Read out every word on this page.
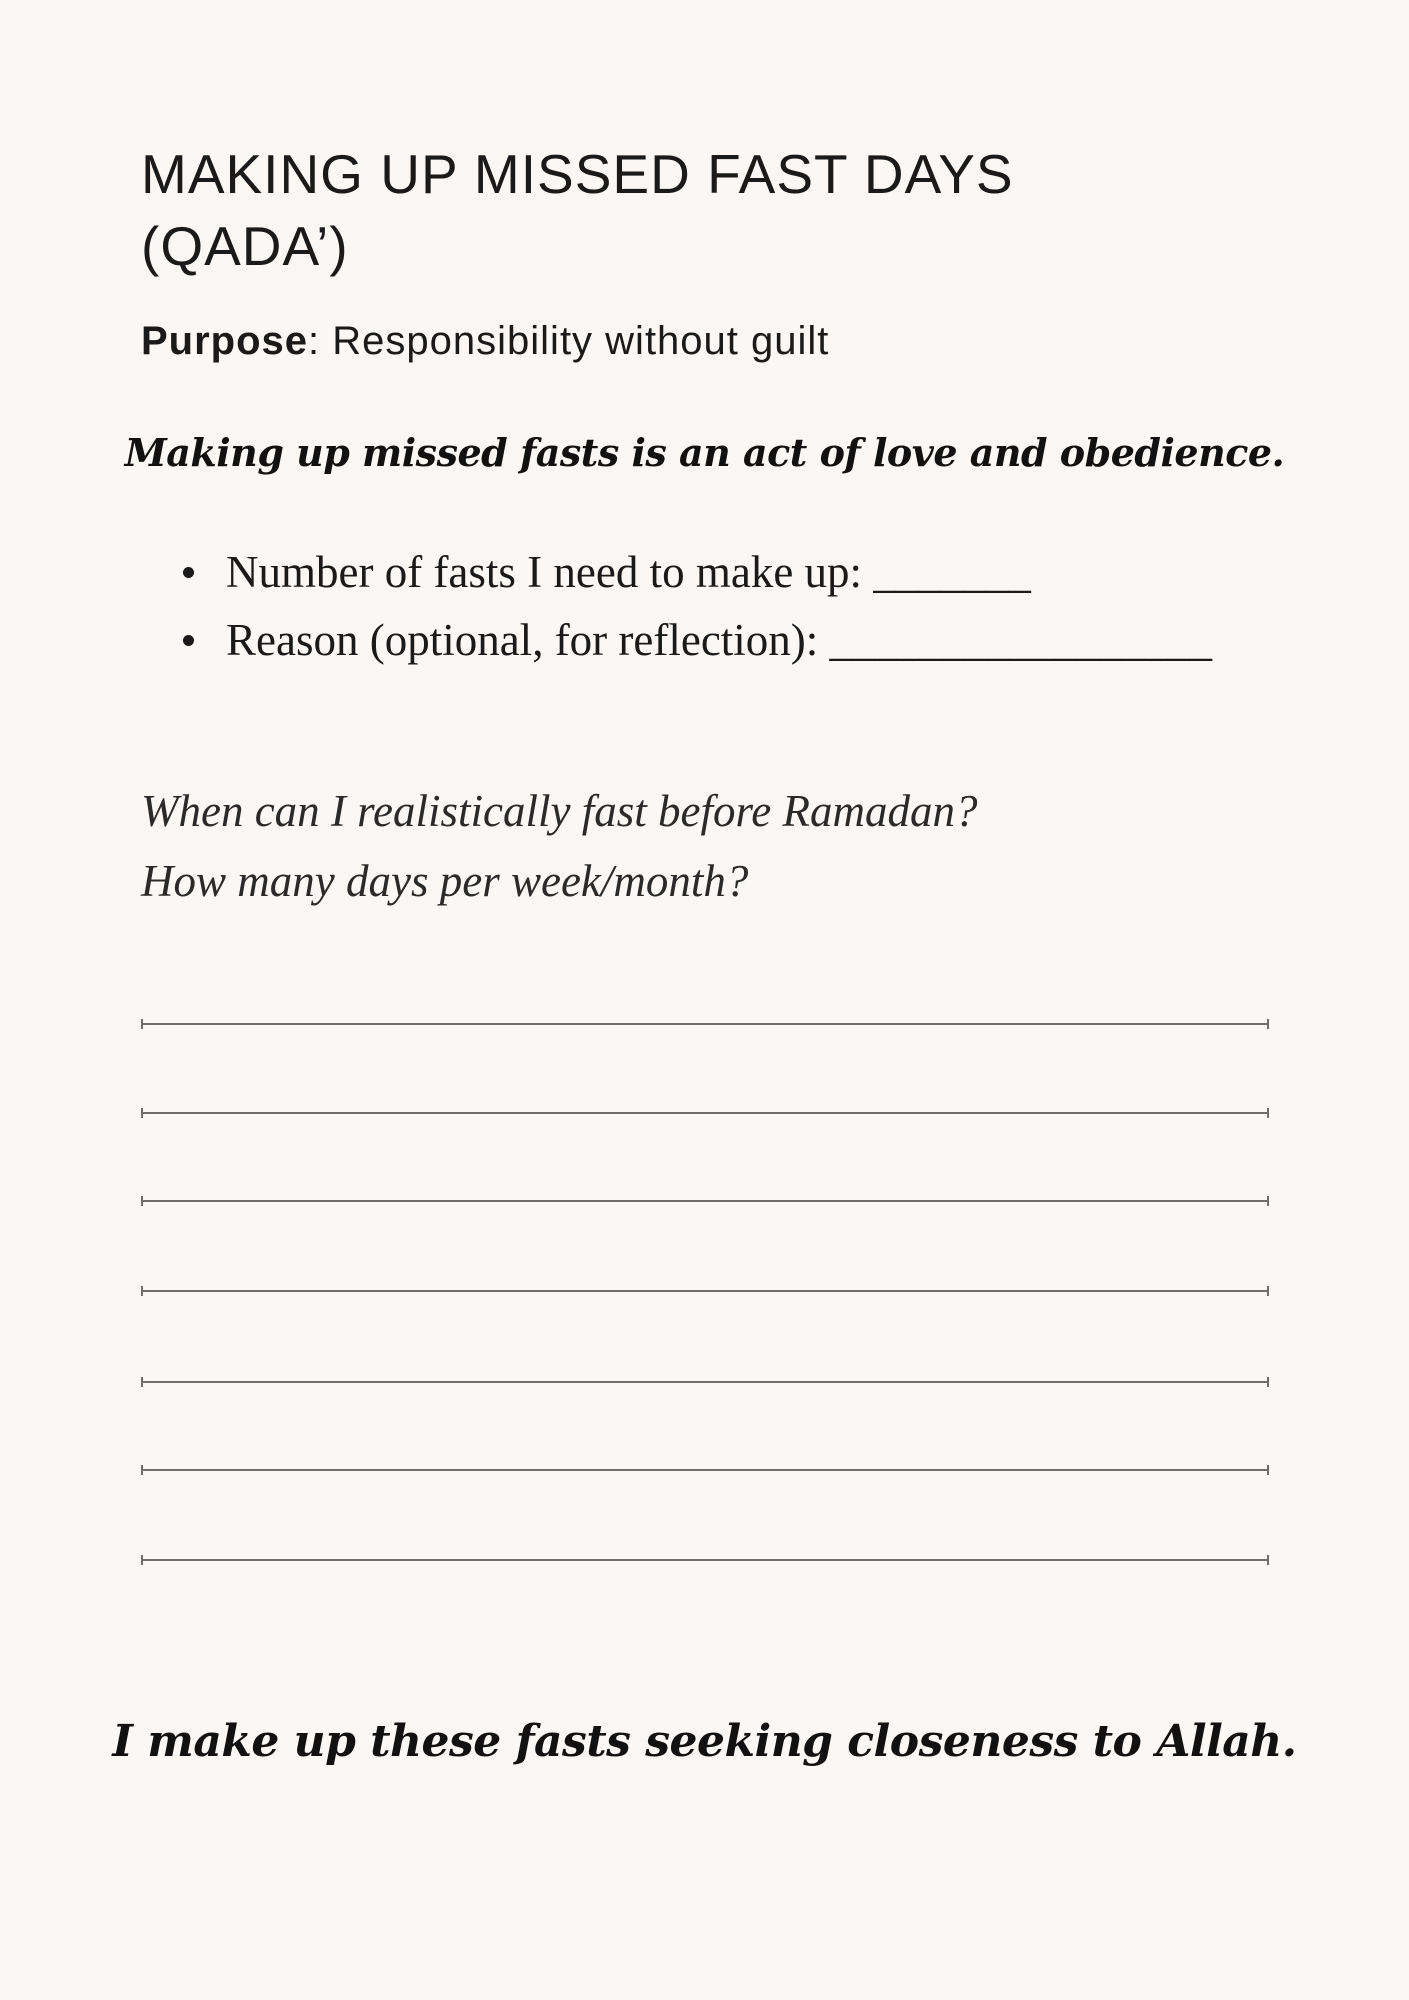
MAKING UP MISSED FAST DAYS
(QADA’)

Purpose: Responsibility without guilt

Making up missed fasts is an act of love and obedience.

Number of fasts I need to make up: _______
Reason (optional, for reflection): _________________

When can I realistically fast before Ramadan?
How many days per week/month?

I make up these fasts seeking closeness to Allah.
